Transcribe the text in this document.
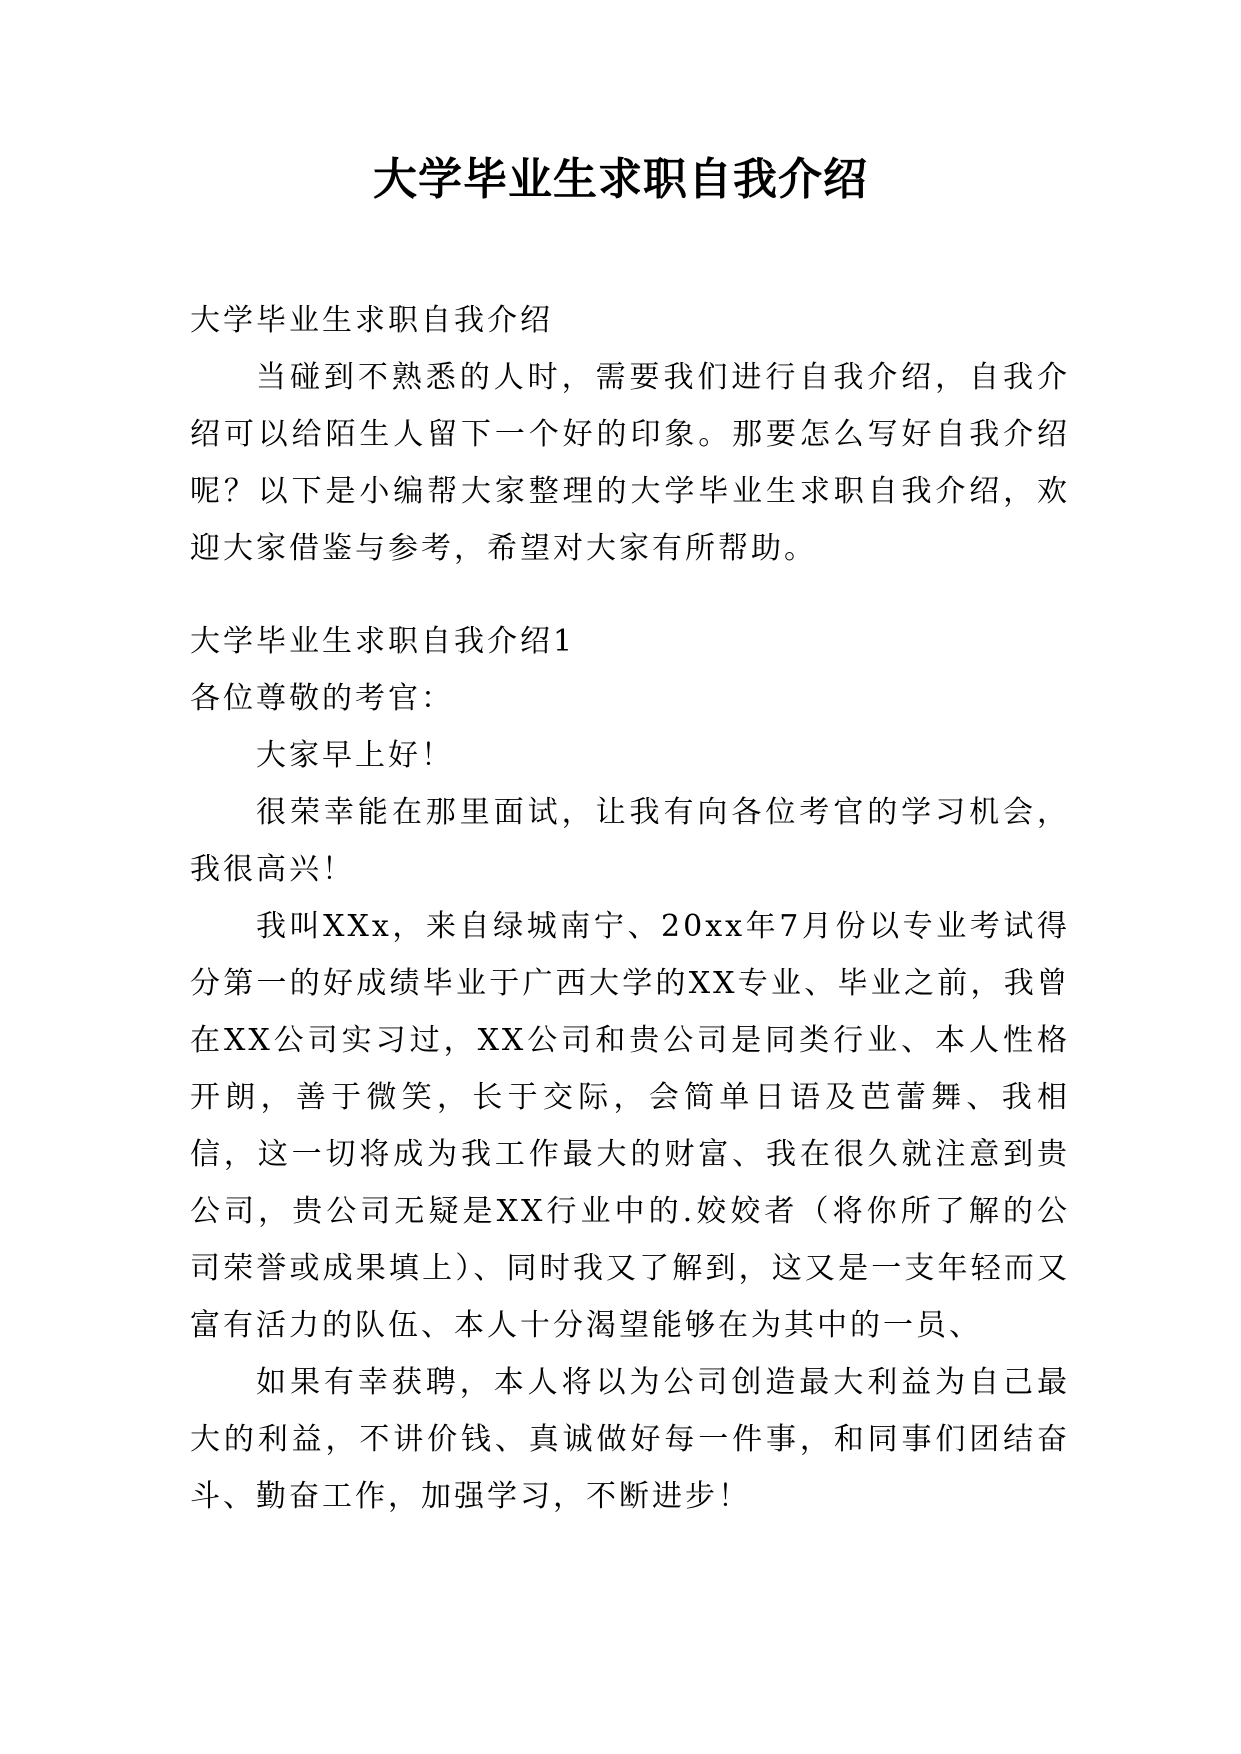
大学毕业生求职自我介绍

大学毕业生求职自我介绍

当碰到不熟悉的人时，需要我们进行自我介绍，自我介绍可以给陌生人留下一个好的印象。那要怎么写好自我介绍呢？以下是小编帮大家整理的大学毕业生求职自我介绍，欢迎大家借鉴与参考，希望对大家有所帮助。

大学毕业生求职自我介绍1

各位尊敬的考官：

大家早上好！

很荣幸能在那里面试，让我有向各位考官的学习机会，我很高兴！

我叫XXx，来自绿城南宁、20xx年7月份以专业考试得分第一的好成绩毕业于广西大学的XX专业、毕业之前，我曾在XX公司实习过，XX公司和贵公司是同类行业、本人性格开朗，善于微笑，长于交际，会简单日语及芭蕾舞、我相信，这一切将成为我工作最大的财富、我在很久就注意到贵公司，贵公司无疑是XX行业中的.姣姣者（将你所了解的公司荣誉或成果填上）、同时我又了解到，这又是一支年轻而又富有活力的队伍、本人十分渴望能够在为其中的一员、

如果有幸获聘，本人将以为公司创造最大利益为自己最大的利益，不讲价钱、真诚做好每一件事，和同事们团结奋斗、勤奋工作，加强学习，不断进步！
